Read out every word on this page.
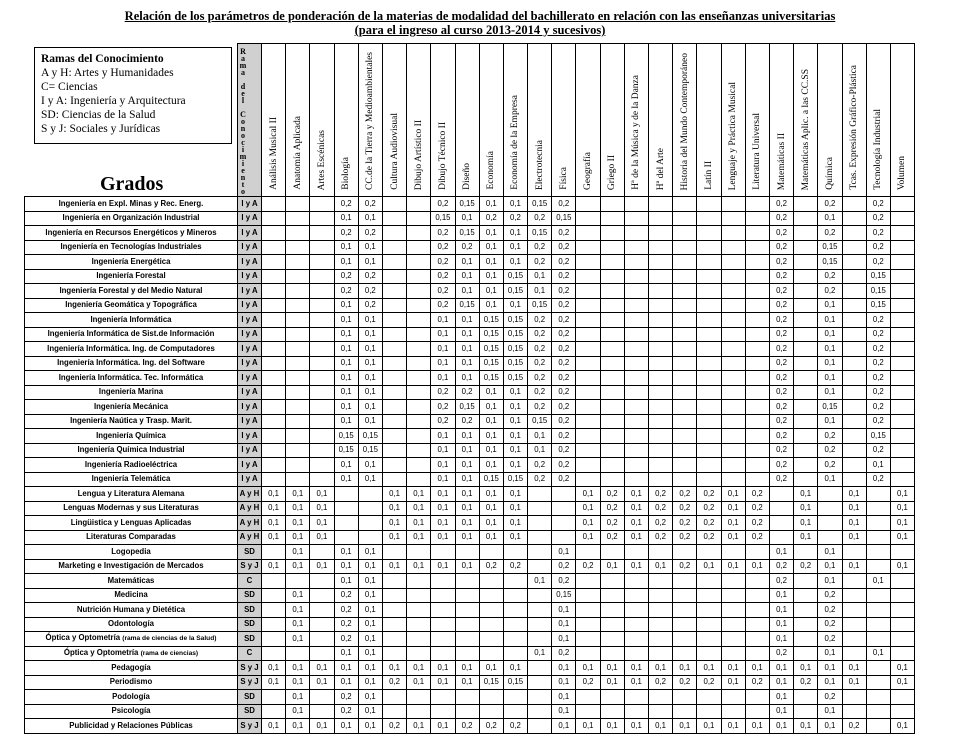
Relación de los parámetros de ponderación de la materias de modalidad del bachillerato en relación con las enseñanzas universitarias
(para el ingreso al curso 2013-2014 y sucesivos)

	Rama del Conocimiento	Análisis Musical II	Anatomía Aplicada	Artes Escénicas	Biología	CC.de la Tierra y Medioambientales	Cultura Audiovisual	Dibujo Artístico II	Dibujo Técnico II	Diseño	Economía	Economía de la Empresa	Electrotecnia	Física	Geografía	Griego II	Hª de la Música y de la Danza	Hª del Arte	Historia del Mundo Contemporáneo	Latín II	Lenguaje y Práctica Musical	Literatura Universal	Matemáticas II	Matemáticas Aplic. a las CC.SS	Química	Tcas. Expresión Gráfico-Plástica	Tecnología Industrial	Volumen
Ingeniería en Expl. Minas y Rec. Energ.	I y A				0,2	0,2			0,2	0,15	0,1	0,1	0,15	0,2									0,2		0,2		0,2	
Ingeniería en Organización Industrial	I y A				0,1	0,1			0,15	0,1	0,2	0,2	0,2	0,15									0,2		0,1		0,2	
Ingeniería en Recursos Energéticos y Mineros	I y A				0,2	0,2			0,2	0,15	0,1	0,1	0,15	0,2									0,2		0,2		0,2	
Ingeniería en Tecnologías Industriales	I y A				0,1	0,1			0,2	0,2	0,1	0,1	0,2	0,2									0,2		0,15		0,2	
Ingeniería Energética	I y A				0,1	0,1			0,2	0,1	0,1	0,1	0,2	0,2									0,2		0,15		0,2	
Ingeniería Forestal	I y A				0,2	0,2			0,2	0,1	0,1	0,15	0,1	0,2									0,2		0,2		0,15	
Ingeniería Forestal y del Medio Natural	I y A				0,2	0,2			0,2	0,1	0,1	0,15	0,1	0,2									0,2		0,2		0,15	
Ingeniería Geomática y Topográfica	I y A				0,1	0,2			0,2	0,15	0,1	0,1	0,15	0,2									0,2		0,1		0,15	
Ingeniería Informática	I y A				0,1	0,1			0,1	0,1	0,15	0,15	0,2	0,2									0,2		0,1		0,2	
Ingeniería Informática de Sist.de Información	I y A				0,1	0,1			0,1	0,1	0,15	0,15	0,2	0,2									0,2		0,1		0,2	
Ingeniería Informática. Ing. de Computadores	I y A				0,1	0,1			0,1	0,1	0,15	0,15	0,2	0,2									0,2		0,1		0,2	
Ingeniería Informática. Ing. del Software	I y A				0,1	0,1			0,1	0,1	0,15	0,15	0,2	0,2									0,2		0,1		0,2	
Ingeniería Informática. Tec. Informática	I y A				0,1	0,1			0,1	0,1	0,15	0,15	0,2	0,2									0,2		0,1		0,2	
Ingeniería Marina	I y A				0,1	0,1			0,2	0,2	0,1	0,1	0,2	0,2									0,2		0,1		0,2	
Ingeniería Mecánica	I y A				0,1	0,1			0,2	0,15	0,1	0,1	0,2	0,2									0,2		0,15		0,2	
Ingeniería Naútica y Trasp. Marit.	I y A				0,1	0,1			0,2	0,2	0,1	0,1	0,15	0,2									0,2		0,1		0,2	
Ingeniería Química	I y A				0,15	0,15			0,1	0,1	0,1	0,1	0,1	0,2									0,2		0,2		0,15	
Ingeniería Química Industrial	I y A				0,15	0,15			0,1	0,1	0,1	0,1	0,1	0,2									0,2		0,2		0,2	
Ingeniería Radioeléctrica	I y A				0,1	0,1			0,1	0,1	0,1	0,1	0,2	0,2									0,2		0,2		0,1	
Ingeniería Telemática	I y A				0,1	0,1			0,1	0,1	0,15	0,15	0,2	0,2									0,2		0,1		0,2	
Lengua y Literatura Alemana	A y H	0,1	0,1	0,1			0,1	0,1	0,1	0,1	0,1	0,1			0,1	0,2	0,1	0,2	0,2	0,2	0,1	0,2		0,1		0,1		0,1
Lenguas Modernas y sus Literaturas	A y H	0,1	0,1	0,1			0,1	0,1	0,1	0,1	0,1	0,1			0,1	0,2	0,1	0,2	0,2	0,2	0,1	0,2		0,1		0,1		0,1
Lingüistica y Lenguas Aplicadas	A y H	0,1	0,1	0,1			0,1	0,1	0,1	0,1	0,1	0,1			0,1	0,2	0,1	0,2	0,2	0,2	0,1	0,2		0,1		0,1		0,1
Literaturas Comparadas	A y H	0,1	0,1	0,1			0,1	0,1	0,1	0,1	0,1	0,1			0,1	0,2	0,1	0,2	0,2	0,2	0,1	0,2		0,1		0,1		0,1
Logopedia	SD		0,1		0,1	0,1								0,1									0,1		0,1			
Marketing e Investigación de Mercados	S y J	0,1	0,1	0,1	0,1	0,1	0,1	0,1	0,1	0,1	0,2	0,2		0,2	0,2	0,1	0,1	0,1	0,2	0,1	0,1	0,1	0,2	0,2	0,1	0,1		0,1
Matemáticas	C				0,1	0,1							0,1	0,2									0,2		0,1		0,1	
Medicina	SD		0,1		0,2	0,1								0,15									0,1		0,2			
Nutrición Humana y Dietética	SD		0,1		0,2	0,1								0,1									0,1		0,2			
Odontología	SD		0,1		0,2	0,1								0,1									0,1		0,2			
Óptica y Optometría (rama de ciencias de la Salud)	SD		0,1		0,2	0,1								0,1									0,1		0,2			
Óptica y Optometría (rama de ciencias)	C				0,1	0,1							0,1	0,2									0,2		0,1		0,1	
Pedagogía	S y J	0,1	0,1	0,1	0,1	0,1	0,1	0,1	0,1	0,1	0,1	0,1		0,1	0,1	0,1	0,1	0,1	0,1	0,1	0,1	0,1	0,1	0,1	0,1	0,1		0,1
Periodismo	S y J	0,1	0,1	0,1	0,1	0,1	0,2	0,1	0,1	0,1	0,15	0,15		0,1	0,2	0,1	0,1	0,2	0,2	0,2	0,1	0,2	0,1	0,2	0,1	0,1		0,1
Podología	SD		0,1		0,2	0,1								0,1									0,1		0,2			
Psicología	SD		0,1		0,2	0,1								0,1									0,1		0,1			
Publicidad y Relaciones Públicas	S y J	0,1	0,1	0,1	0,1	0,1	0,2	0,1	0,1	0,2	0,2	0,2		0,1	0,1	0,1	0,1	0,1	0,1	0,1	0,1	0,1	0,1	0,1	0,1	0,2		0,1
Ramas del Conocimiento
A y H: Artes y Humanidades
C= Ciencias
I y A: Ingeniería y Arquitectura
SD: Ciencias de la Salud
S y J: Sociales y Jurídicas
Grados
